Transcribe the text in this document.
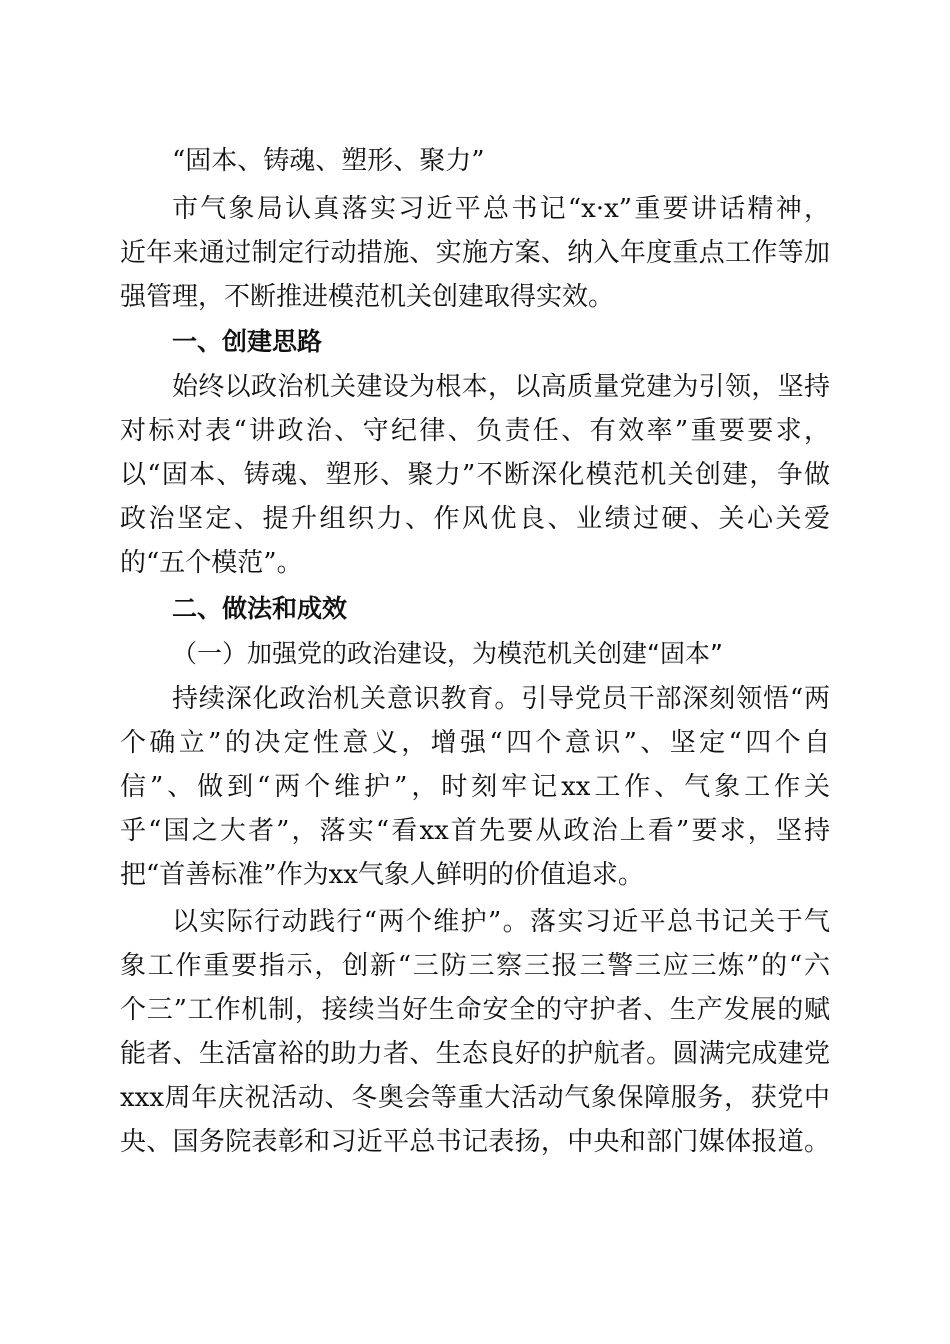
“固本、铸魂、塑形、聚力”

市气象局认真落实习近平总书记“x·x”重要讲话精神，

近年来通过制定行动措施、实施方案、纳入年度重点工作等加

强管理，不断推进模范机关创建取得实效。

一、创建思路

始终以政治机关建设为根本，以高质量党建为引领，坚持

对标对表“讲政治、守纪律、负责任、有效率”重要要求，

以“固本、铸魂、塑形、聚力”不断深化模范机关创建，争做

政治坚定、提升组织力、作风优良、业绩过硬、关心关爱

的“五个模范”。

二、做法和成效

（一）加强党的政治建设，为模范机关创建“固本”

持续深化政治机关意识教育。引导党员干部深刻领悟“两

个确立”的决定性意义，增强“四个意识”、坚定“四个自

信”、做到“两个维护”，时刻牢记xx工作、气象工作关

乎“国之大者”，落实“看xx首先要从政治上看”要求，坚持

把“首善标准”作为xx气象人鲜明的价值追求。

以实际行动践行“两个维护”。落实习近平总书记关于气

象工作重要指示，创新“三防三察三报三警三应三炼”的“六

个三”工作机制，接续当好生命安全的守护者、生产发展的赋

能者、生活富裕的助力者、生态良好的护航者。圆满完成建党

xxx周年庆祝活动、冬奥会等重大活动气象保障服务，获党中

央、国务院表彰和习近平总书记表扬，中央和部门媒体报道。
